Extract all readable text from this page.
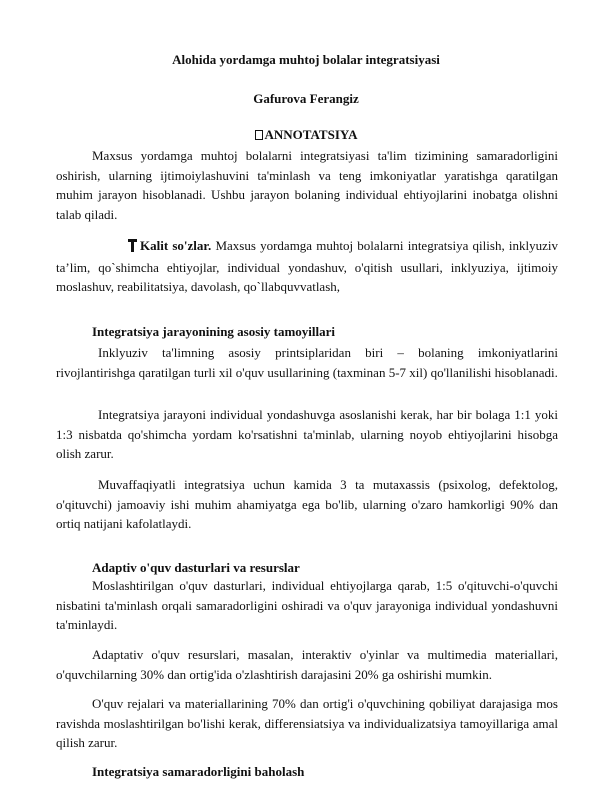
Alohida yordamga muhtoj bolalar integratsiyasi
Gafurova Ferangiz
ANNOTATSIYA
Maxsus yordamga muhtoj bolalarni integratsiyasi ta'lim tizimining samaradorligini oshirish, ularning ijtimoiylashuvini ta'minlash va teng imkoniyatlar yaratishga qaratilgan muhim jarayon hisoblanadi. Ushbu jarayon bolaning individual ehtiyojlarini inobatga olishni talab qiladi.
Kalit so'zlar. Maxsus yordamga muhtoj bolalarni integratsiya qilish, inklyuziv ta’lim, qo`shimcha ehtiyojlar, individual yondashuv, o'qitish usullari, inklyuziya, ijtimoiy moslashuv, reabilitatsiya, davolash, qo`llabquvvatlash,
Integratsiya jarayonining asosiy tamoyillari
Inklyuziv ta'limning asosiy printsiplaridan biri – bolaning imkoniyatlarini rivojlantirishga qaratilgan turli xil o'quv usullarining (taxminan 5-7 xil) qo'llanilishi hisoblanadi.
Integratsiya jarayoni individual yondashuvga asoslanishi kerak, har bir bolaga 1:1 yoki 1:3 nisbatda qo'shimcha yordam ko'rsatishni ta'minlab, ularning noyob ehtiyojlarini hisobga olish zarur.
Muvaffaqiyatli integratsiya uchun kamida 3 ta mutaxassis (psixolog, defektolog, o'qituvchi) jamoaviy ishi muhim ahamiyatga ega bo'lib, ularning o'zaro hamkorligi 90% dan ortiq natijani kafolatlaydi.
Adaptiv o'quv dasturlari va resurslar
Moslashtirilgan o'quv dasturlari, individual ehtiyojlarga qarab, 1:5 o'qituvchi-o'quvchi nisbatini ta'minlash orqali samaradorligini oshiradi va o'quv jarayoniga individual yondashuvni ta'minlaydi.
Adaptativ o'quv resurslari, masalan, interaktiv o'yinlar va multimedia materiallari, o'quvchilarning 30% dan ortig'ida o'zlashtirish darajasini 20% ga oshirishi mumkin.
O'quv rejalari va materiallarining 70% dan ortig'i o'quvchining qobiliyat darajasiga mos ravishda moslashtirilgan bo'lishi kerak, differensiatsiya va individualizatsiya tamoyillariga amal qilish zarur.
Integratsiya samaradorligini baholash
